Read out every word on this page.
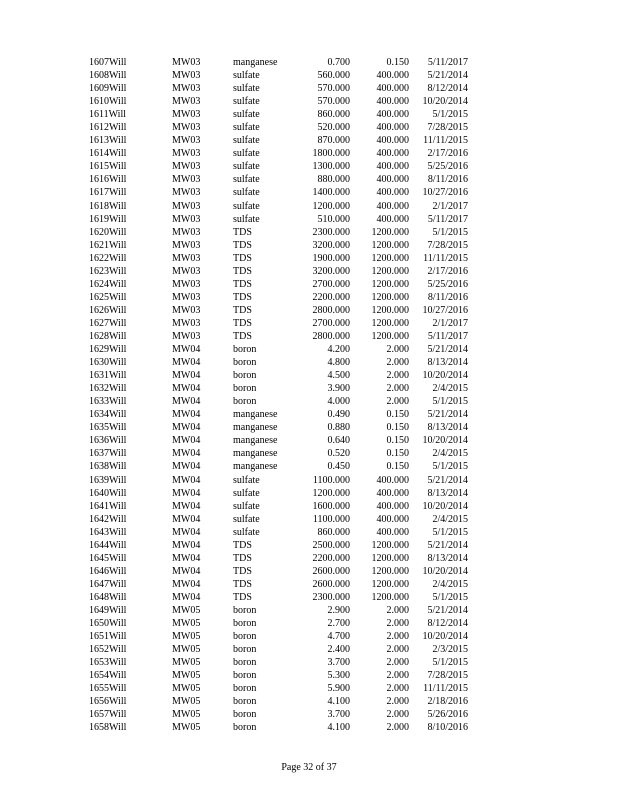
1607Will	MW03	manganese	0.700	0.150 5/11/2017
1608Will	MW03	sulfate	560.000	400.000 5/21/2014
1609Will	MW03	sulfate	570.000	400.000 8/12/2014
1610Will	MW03	sulfate	570.000	400.000 10/20/2014
1611Will	MW03	sulfate	860.000	400.000 5/1/2015
1612Will	MW03	sulfate	520.000	400.000 7/28/2015
1613Will	MW03	sulfate	870.000	400.000 11/11/2015
1614Will	MW03	sulfate	1800.000	400.000 2/17/2016
1615Will	MW03	sulfate	1300.000	400.000 5/25/2016
1616Will	MW03	sulfate	880.000	400.000 8/11/2016
1617Will	MW03	sulfate	1400.000	400.000 10/27/2016
1618Will	MW03	sulfate	1200.000	400.000 2/1/2017
1619Will	MW03	sulfate	510.000	400.000 5/11/2017
1620Will	MW03	TDS	2300.000 1200.000 5/1/2015
1621Will	MW03	TDS	3200.000 1200.000 7/28/2015
1622Will	MW03	TDS	1900.000 1200.000 11/11/2015
1623Will	MW03	TDS	3200.000 1200.000 2/17/2016
1624Will	MW03	TDS	2700.000 1200.000 5/25/2016
1625Will	MW03	TDS	2200.000 1200.000 8/11/2016
1626Will	MW03	TDS	2800.000 1200.000 10/27/2016
1627Will	MW03	TDS	2700.000 1200.000 2/1/2017
1628Will	MW03	TDS	2800.000 1200.000 5/11/2017
1629Will	MW04	boron	4.200	2.000 5/21/2014
1630Will	MW04	boron	4.800	2.000 8/13/2014
1631Will	MW04	boron	4.500	2.000 10/20/2014
1632Will	MW04	boron	3.900	2.000 2/4/2015
1633Will	MW04	boron	4.000	2.000 5/1/2015
1634Will	MW04	manganese	0.490	0.150 5/21/2014
1635Will	MW04	manganese	0.880	0.150 8/13/2014
1636Will	MW04	manganese	0.640	0.150 10/20/2014
1637Will	MW04	manganese	0.520	0.150 2/4/2015
1638Will	MW04	manganese	0.450	0.150 5/1/2015
1639Will	MW04	sulfate	1100.000	400.000 5/21/2014
1640Will	MW04	sulfate	1200.000	400.000 8/13/2014
1641Will	MW04	sulfate	1600.000	400.000 10/20/2014
1642Will	MW04	sulfate	1100.000	400.000 2/4/2015
1643Will	MW04	sulfate	860.000	400.000 5/1/2015
1644Will	MW04	TDS	2500.000 1200.000 5/21/2014
1645Will	MW04	TDS	2200.000 1200.000 8/13/2014
1646Will	MW04	TDS	2600.000 1200.000 10/20/2014
1647Will	MW04	TDS	2600.000 1200.000 2/4/2015
1648Will	MW04	TDS	2300.000 1200.000 5/1/2015
1649Will	MW05	boron	2.900	2.000 5/21/2014
1650Will	MW05	boron	2.700	2.000 8/12/2014
1651Will	MW05	boron	4.700	2.000 10/20/2014
1652Will	MW05	boron	2.400	2.000 2/3/2015
1653Will	MW05	boron	3.700	2.000 5/1/2015
1654Will	MW05	boron	5.300	2.000 7/28/2015
1655Will	MW05	boron	5.900	2.000 11/11/2015
1656Will	MW05	boron	4.100	2.000 2/18/2016
1657Will	MW05	boron	3.700	2.000 5/26/2016
1658Will	MW05	boron	4.100	2.000 8/10/2016
Page 32 of 37
